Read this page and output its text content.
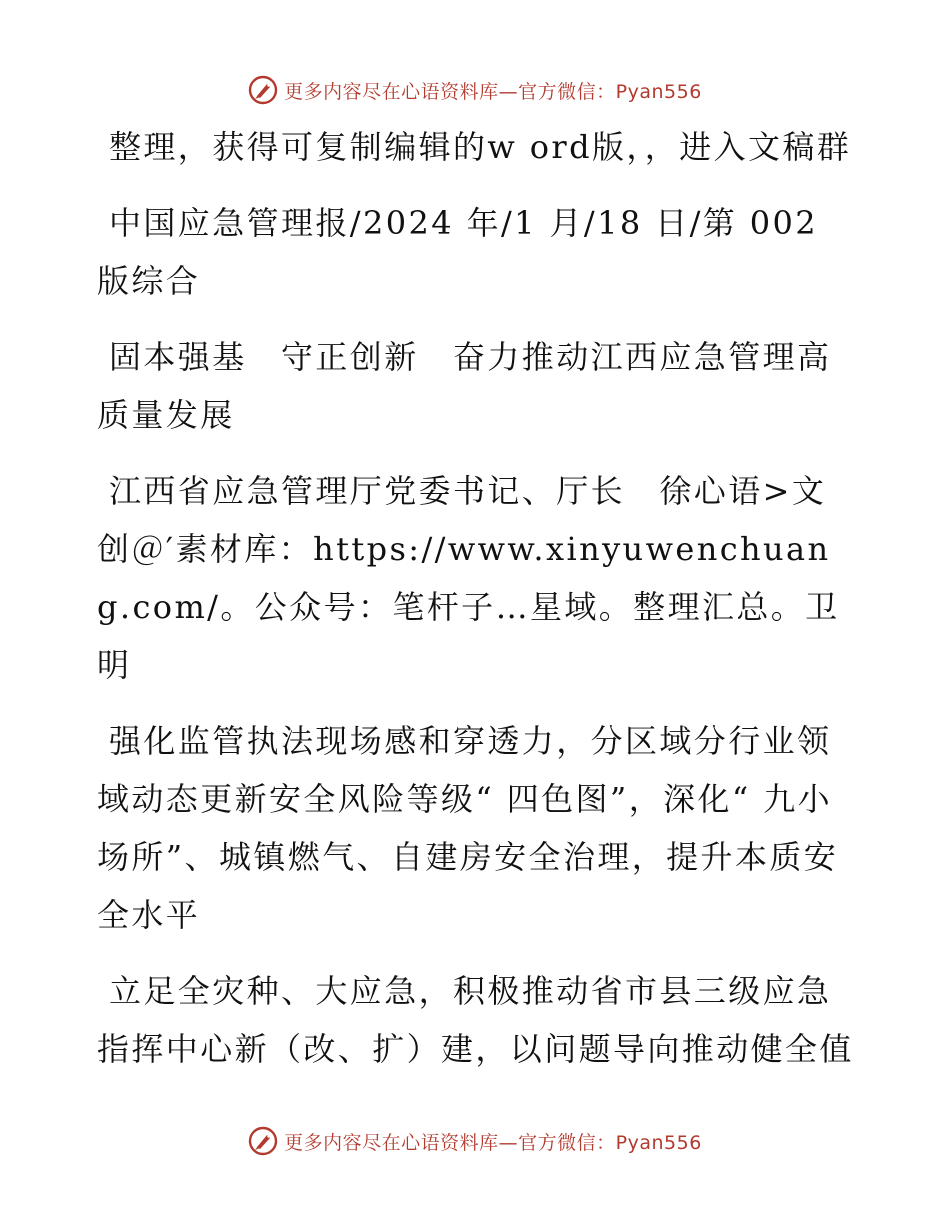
更多内容尽在心语资料库—官方微信：Pyan556

整理，获得可复制编辑的w ord版，，进入文稿群

中国应急管理报/2024 年/1 月/18 日/第 002 版综合

固本强基　守正创新　奋力推动江西应急管理高质量发展

江西省应急管理厅党委书记、厅长　徐心语>文创＠′素材库：https://www.xinyuwenchuang.com/。公众号：笔杆子…星域。整理汇总。卫明

强化监管执法现场感和穿透力，分区域分行业领域动态更新安全风险等级“ 四色图”，深化“ 九小场所”、城镇燃气、自建房安全治理，提升本质安全水平

立足全灾种、大应急，积极推动省市县三级应急指挥中心新（改、扩）建，以问题导向推动健全值

更多内容尽在心语资料库—官方微信：Pyan556
